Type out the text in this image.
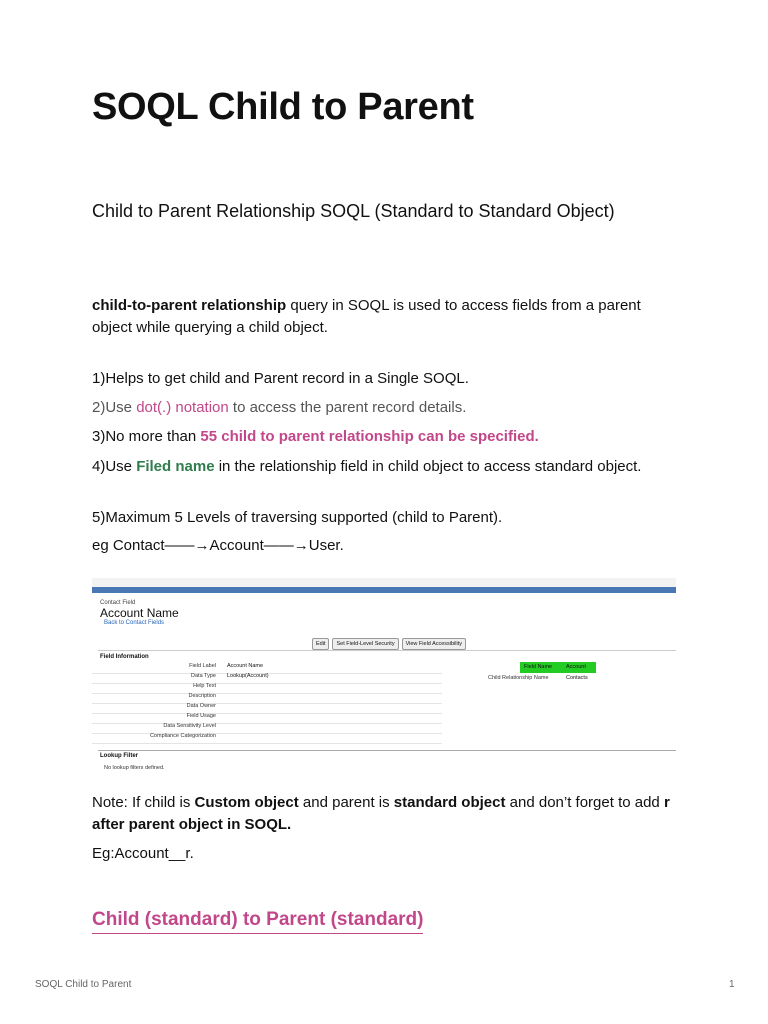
SOQL Child to Parent
Child to Parent Relationship SOQL (Standard to Standard Object)

child-to-parent relationship query in SOQL is used to access fields from a parent object while querying a child object.

1)Helps to get child and Parent record in a Single SOQL.

2)Use dot(.) notation to access the parent record details.

3)No more than 55 child to parent relationship can be specified.

4)Use Filed name in the relationship field in child object to access standard object.

5)Maximum 5 Levels of traversing supported (child to Parent).

eg Contact——→Account——→User.

Contact Field
Account Name
Back to Contact Fields
Edit	Set Field-Level Security	View Field Accessibility
Field Information
Field Label Account Name
Data Type Lookup(Account)
Help Text
Description
Data Owner
Field Usage
Data Sensitivity Level
Compliance Categorization
Field Name	Account
Child Relationship Name	Contacts
Lookup Filter
No lookup filters defined.

Note: If child is Custom object and parent is standard object and don’t forget to add r after parent object in SOQL.

Eg:Account__r.

Child (standard) to Parent (standard)
SOQL Child to Parent	1
